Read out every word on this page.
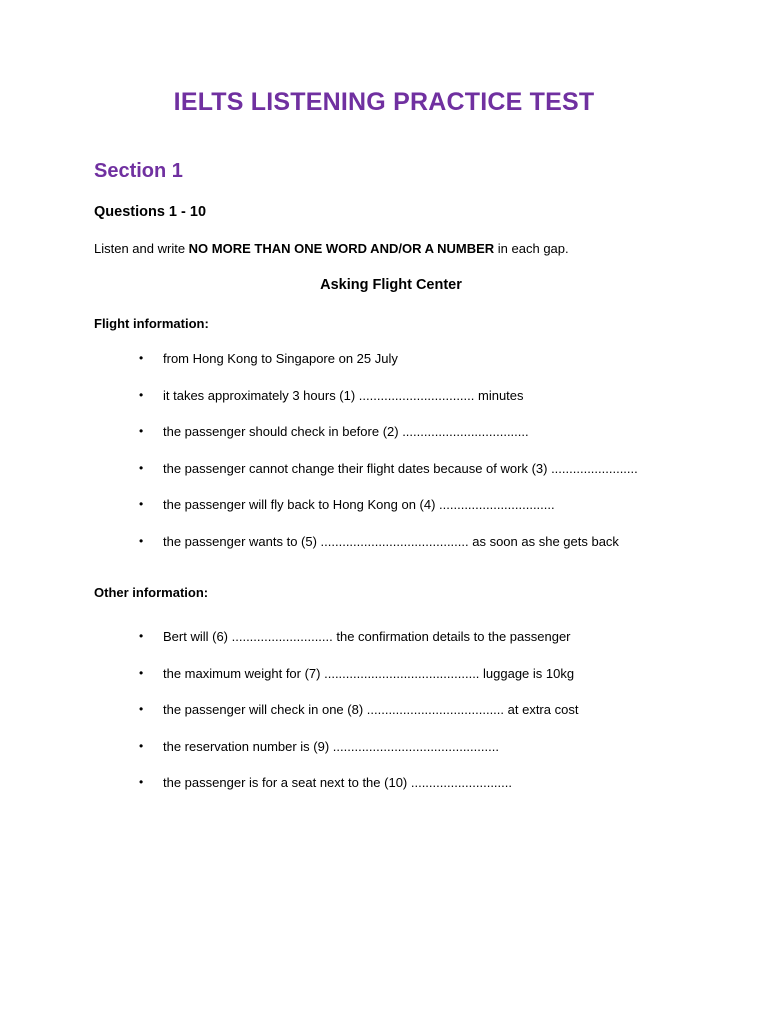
IELTS LISTENING PRACTICE TEST
Section 1
Questions 1 - 10
Listen and write NO MORE THAN ONE WORD AND/OR A NUMBER in each gap.
Asking Flight Center
Flight information:
• from Hong Kong to Singapore on 25 July
• it takes approximately 3 hours (1) ................................ minutes
• the passenger should check in before (2) ...................................
• the passenger cannot change their flight dates because of work (3) ........................
• the passenger will fly back to Hong Kong on (4) ................................
• the passenger wants to (5) ......................................... as soon as she gets back
Other information:
• Bert will (6) ............................ the confirmation details to the passenger
• the maximum weight for (7) ........................................... luggage is 10kg
• the passenger will check in one (8) ...................................... at extra cost
• the reservation number is (9) ..............................................
• the passenger is for a seat next to the (10) ............................
